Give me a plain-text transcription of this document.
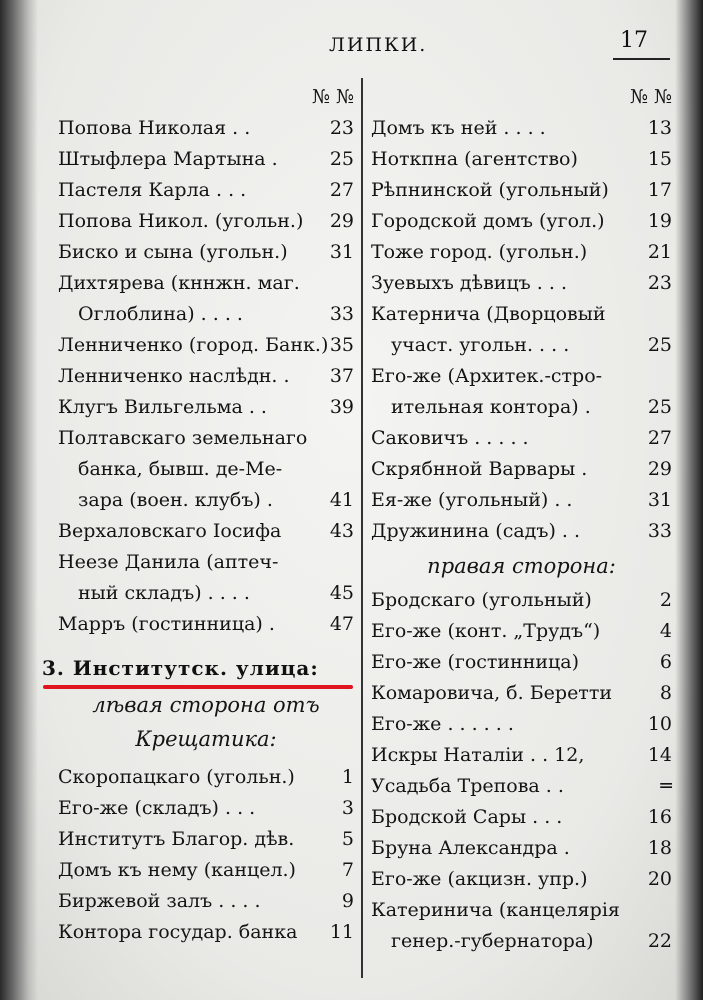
ЛИПКИ.	17
№ №
Попова Николая . .	23
Штыфлера Мартына .	25
Пастеля Карла . . .	27
Попова Никол. (угольн.) 29
Биско и сына (угольн.) 31
Дихтярева (кннжн. маг.
Оглоблина) . . . .	33
Ленниченко (город. Банк.) 35
Ленниченко наслѣдн. . 37
Клугъ Вильгельма . .	39
Полтавскаго земельнаго
банка, бывш. де-Ме-
зара (воен. клубъ) .	41
Верхаловскаго Іосифа	43
Неезе Данила (аптеч-
ный складъ) . . . .	45
Марръ (гостинница) .	47
3. Институтск. улица:
лѣвая сторона отъ
Крещатика:
Скоропацкаго (угольн.) 1
Его-же (складъ) . . .	3
Институтъ Благор. дѣв.	5
Домъ къ нему (канцел.) 7
Биржевой залъ . . . .	9
Контора государ. банка 11
№ №
Домъ къ ней . . . .	13
Ноткпна (агентство)	15
Рѣпнинской (угольный) 17
Городской домъ (угол.) 19
Тоже город. (угольн.)	21
Зуевыхъ дѣвицъ . . .	23
Катерничa (Дворцовый
участ. угольн. . . .	25
Его-же (Архитек.-стро-
ительная контора) .	25
Саковичъ . . . . .	27
Скрябнной Варвары .	29
Ея-же (угольный) . .	31
Дружинина (садъ) . .	33
правая сторона:
Бродскаго (угольный)	2
Его-же (конт. „Трудъ“)	4
Его-же (гостинница)	6
Комаровича, б. Беретти	8
Его-же . . . . . .	10
Искры Наталіи . . 12,	14
Усадьба Трепова . .	═
Бродской Сары . . .	16
Бруна Александра .	18
Его-же (акцизн. упр.)	20
Катеринича (канцелярія
генер.-губернатора)	22
